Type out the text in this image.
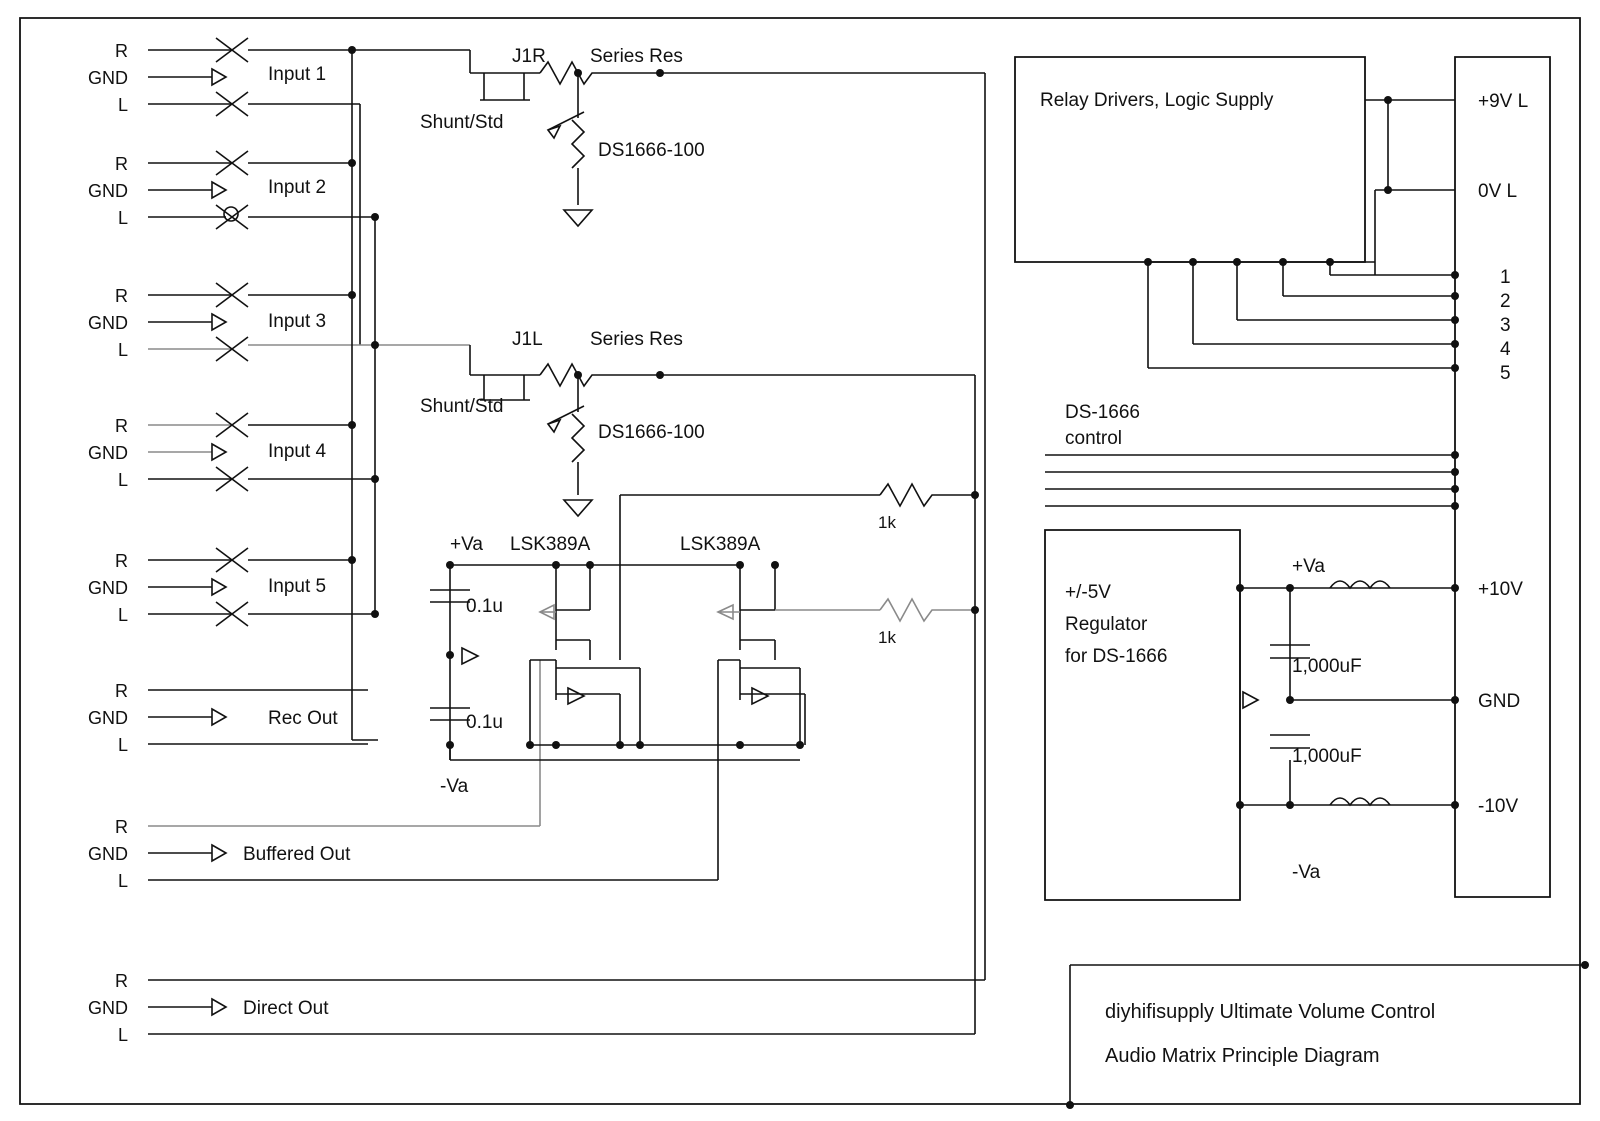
R
GND
L
Input 1
R
GND
L
Input 2
R
GND
L
Input 3
R
GND
L
Input 4
R
GND
L
Input 5
R
GND
L
Rec Out
R
GND
L
Buffered Out
R
GND
L
Direct Out
J1R Series Res
Shunt/Std
DS1666-100
J1L Series Res
Shunt/Std
DS1666-100
+Va
-Va
0.1u
0.1u
LSK389A	LSK389A
1k
1k
Relay Drivers, Logic Supply
+/-5V
Regulator
for DS-1666
DS-1666
control
+Va
1,000uF
1,000uF
-Va
+9V L
0V L
1
2
3
4
5
+10V
GND
-10V
diyhifisupply Ultimate Volume Control
Audio Matrix Principle Diagram
